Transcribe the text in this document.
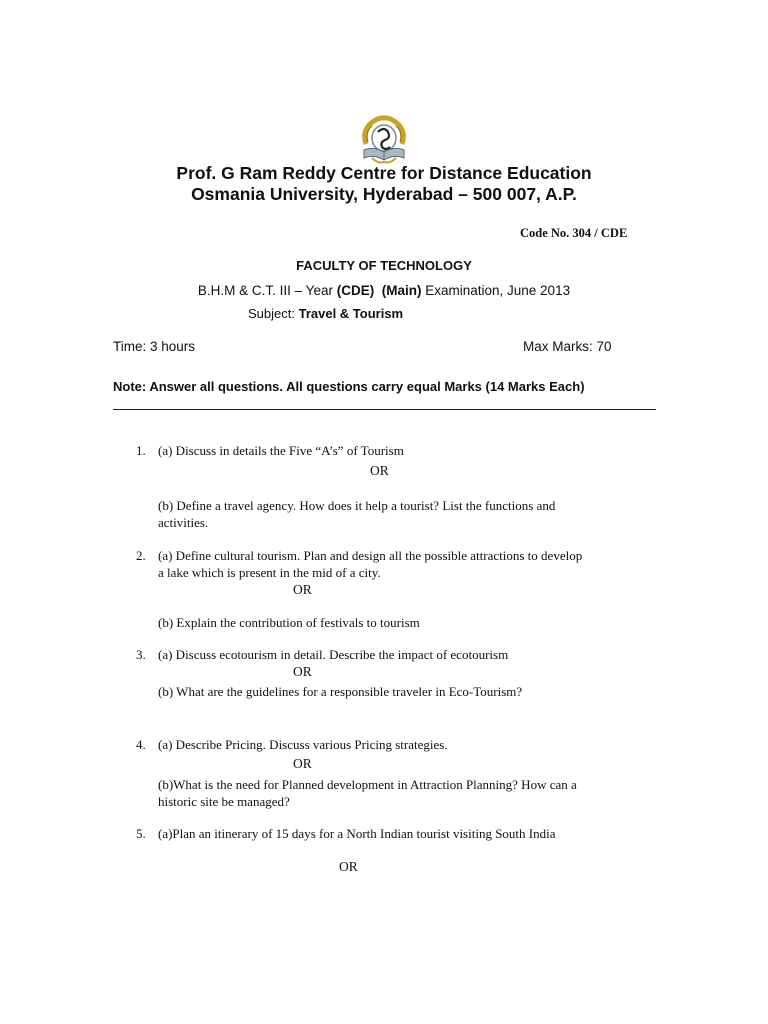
Prof. G Ram Reddy Centre for Distance Education
Osmania University, Hyderabad – 500 007, A.P.
Code No. 304 / CDE
FACULTY OF TECHNOLOGY
B.H.M & C.T. III – Year (CDE) (Main) Examination, June 2013
Subject: Travel & Tourism
Time: 3 hours	Max Marks: 70
Note: Answer all questions. All questions carry equal Marks (14 Marks Each)
1. (a) Discuss in details the Five “A’s” of Tourism
OR
(b) Define a travel agency. How does it help a tourist? List the functions and
activities.
2. (a) Define cultural tourism. Plan and design all the possible attractions to develop
a lake which is present in the mid of a city.
OR
(b) Explain the contribution of festivals to tourism
3. (a) Discuss ecotourism in detail. Describe the impact of ecotourism
OR
(b) What are the guidelines for a responsible traveler in Eco-Tourism?
4. (a) Describe Pricing. Discuss various Pricing strategies.
OR
(b)What is the need for Planned development in Attraction Planning? How can a
historic site be managed?
5. (a)Plan an itinerary of 15 days for a North Indian tourist visiting South India
OR
